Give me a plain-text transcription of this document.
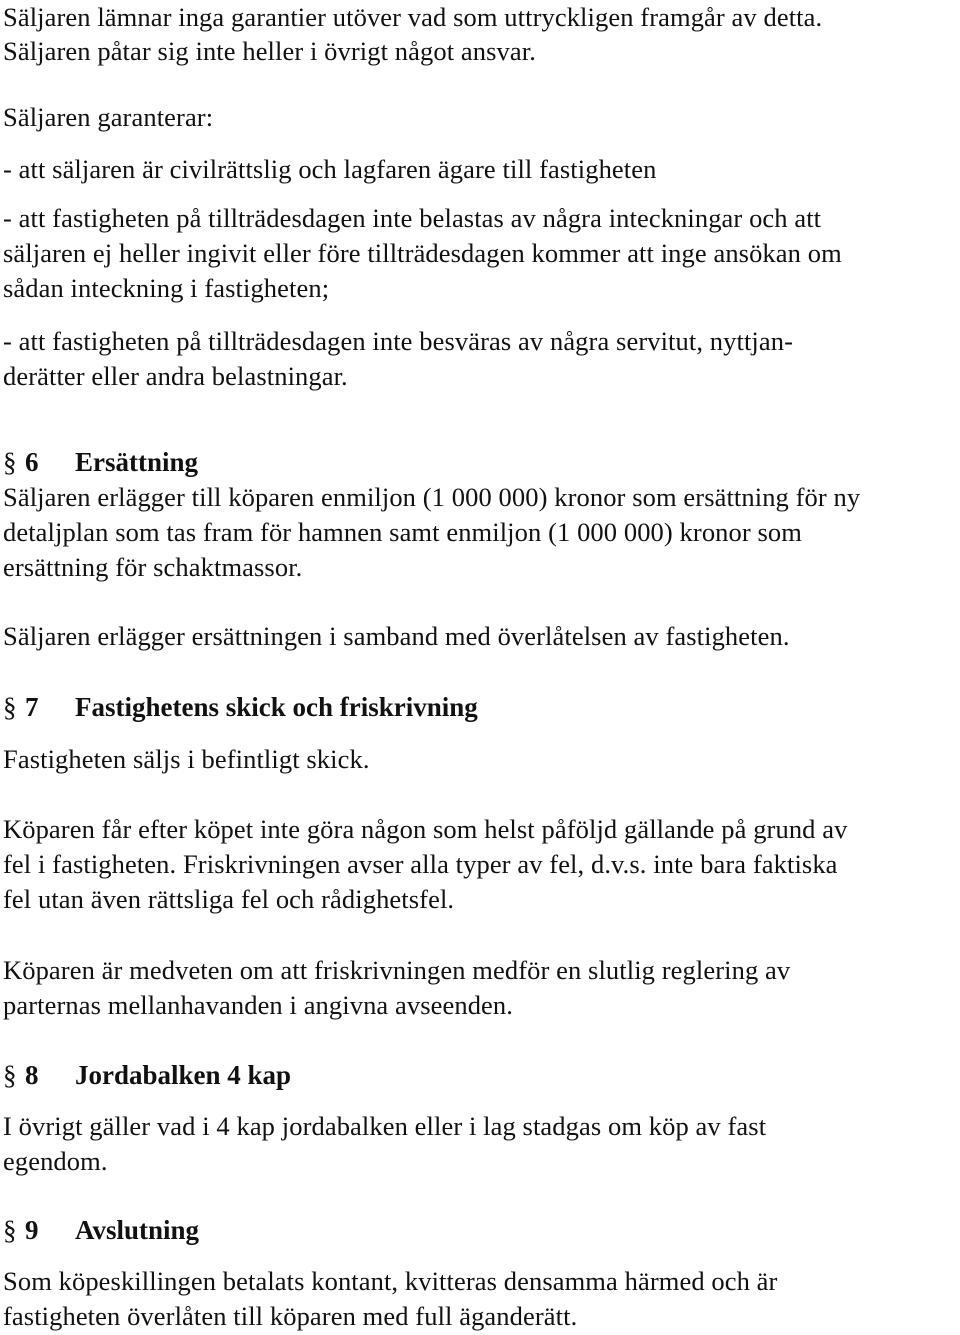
Säljaren lämnar inga garantier utöver vad som uttryckligen framgår av detta.
Säljaren påtar sig inte heller i övrigt något ansvar.
Säljaren garanterar:
- att säljaren är civilrättslig och lagfaren ägare till fastigheten
- att fastigheten på tillträdesdagen inte belastas av några inteckningar och att
säljaren ej heller ingivit eller före tillträdesdagen kommer att inge ansökan om
sådan inteckning i fastigheten;
- att fastigheten på tillträdesdagen inte besväras av några servitut, nyttjan-
derätter eller andra belastningar.
§ 6 Ersättning
Säljaren erlägger till köparen enmiljon (1 000 000) kronor som ersättning för ny
detaljplan som tas fram för hamnen samt enmiljon (1 000 000) kronor som
ersättning för schaktmassor.
Säljaren erlägger ersättningen i samband med överlåtelsen av fastigheten.
§ 7 Fastighetens skick och friskrivning
Fastigheten säljs i befintligt skick.
Köparen får efter köpet inte göra någon som helst påföljd gällande på grund av
fel i fastigheten. Friskrivningen avser alla typer av fel, d.v.s. inte bara faktiska
fel utan även rättsliga fel och rådighetsfel.
Köparen är medveten om att friskrivningen medför en slutlig reglering av
parternas mellanhavanden i angivna avseenden.
§ 8 Jordabalken 4 kap
I övrigt gäller vad i 4 kap jordabalken eller i lag stadgas om köp av fast
egendom.
§ 9 Avslutning
Som köpeskillingen betalats kontant, kvitteras densamma härmed och är
fastigheten överlåten till köparen med full äganderätt.
